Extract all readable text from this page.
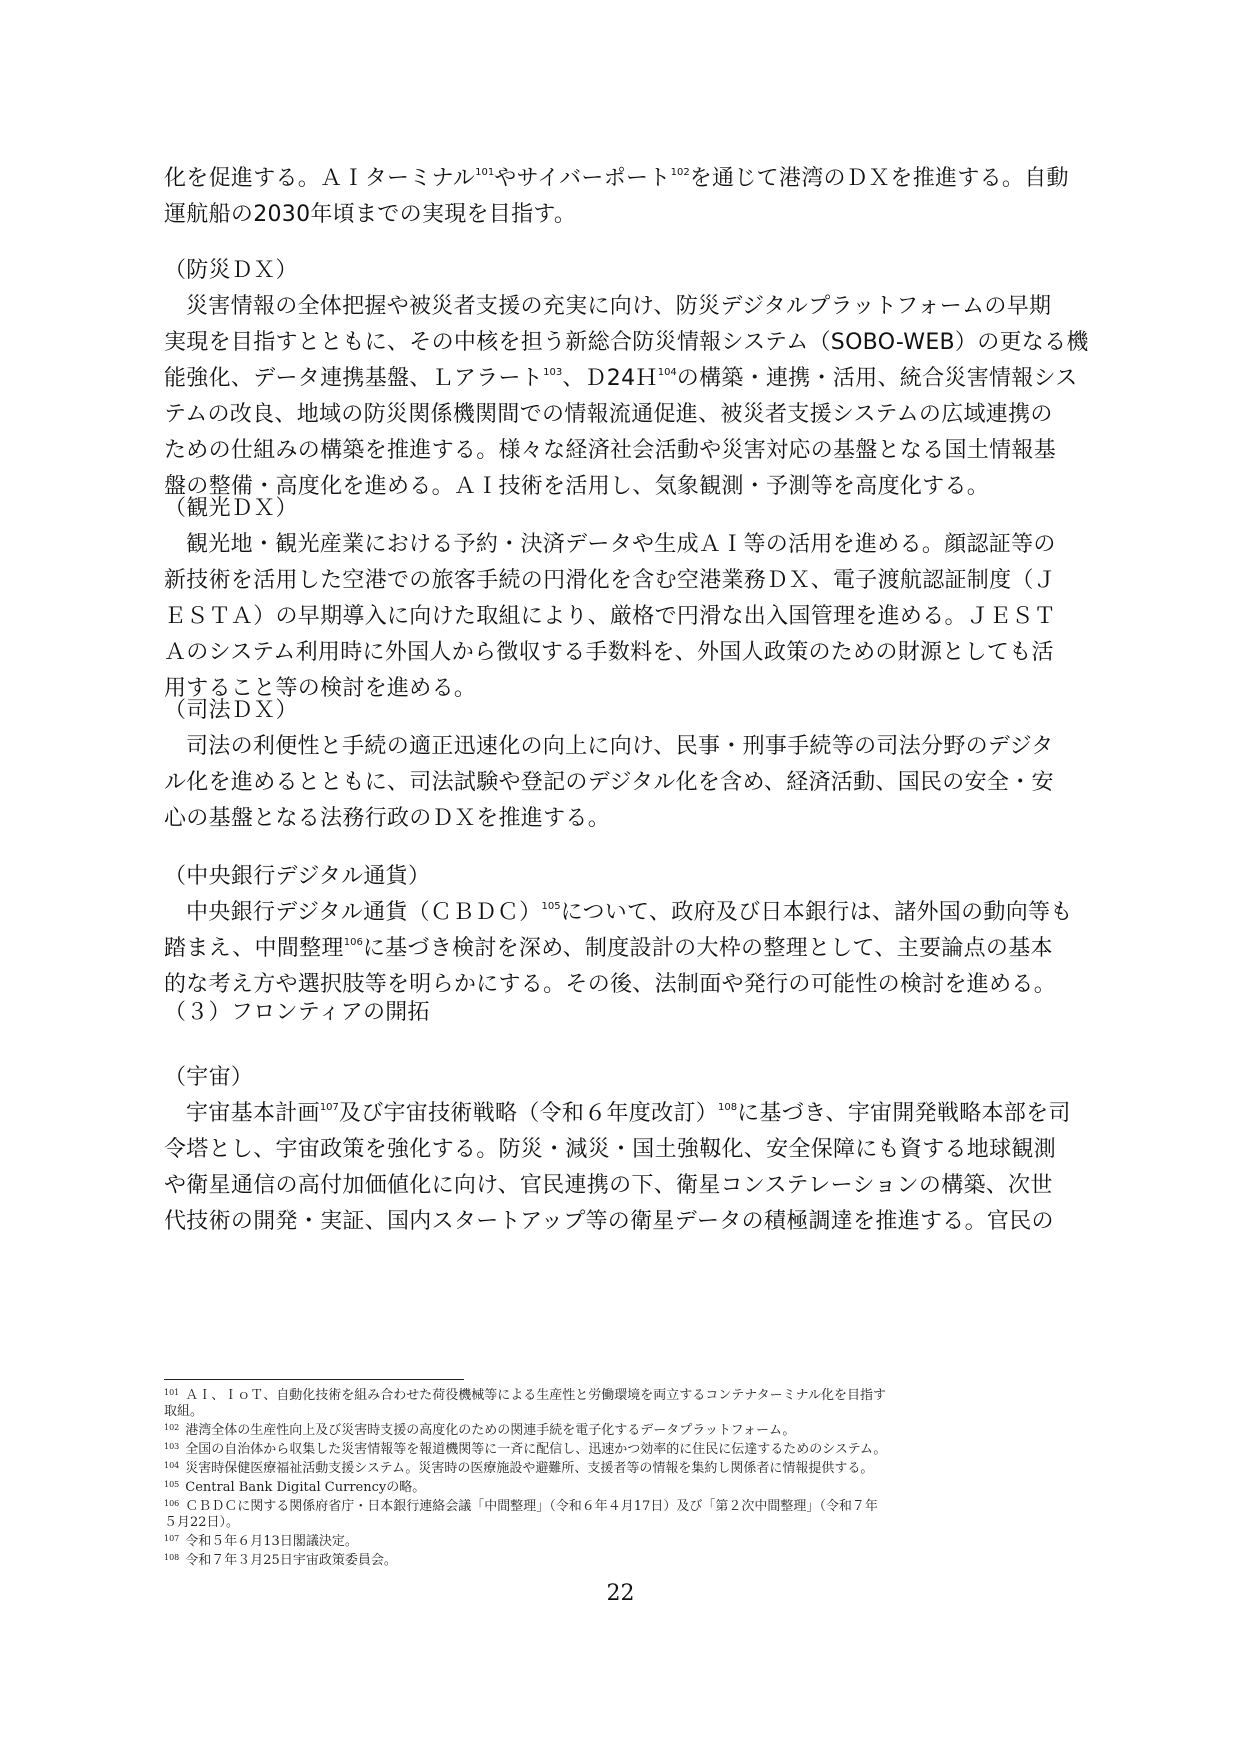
化を促進する。ＡＩターミナル$^{101}$やサイバーポート$^{102}$を通じて港湾のＤＸを推進する。自動
運航船の2030年頃までの実現を目指す。
（防災ＤＸ）
災害情報の全体把握や被災者支援の充実に向け、防災デジタルプラットフォームの早期
実現を目指すとともに、その中核を担う新総合防災情報システム（SOBO-WEB）の更なる機
能強化、データ連携基盤、Ｌアラート$^{103}$、Ｄ24Ｈ$^{104}$の構築・連携・活用、統合災害情報シス
テムの改良、地域の防災関係機関間での情報流通促進、被災者支援システムの広域連携の
ための仕組みの構築を推進する。様々な経済社会活動や災害対応の基盤となる国土情報基
盤の整備・高度化を進める。ＡＩ技術を活用し、気象観測・予測等を高度化する。
（観光ＤＸ）
観光地・観光産業における予約・決済データや生成ＡＩ等の活用を進める。顔認証等の
新技術を活用した空港での旅客手続の円滑化を含む空港業務ＤＸ、電子渡航認証制度（Ｊ
ＥＳＴＡ）の早期導入に向けた取組により、厳格で円滑な出入国管理を進める。ＪＥＳＴ
Ａのシステム利用時に外国人から徴収する手数料を、外国人政策のための財源としても活
用すること等の検討を進める。
（司法ＤＸ）
司法の利便性と手続の適正迅速化の向上に向け、民事・刑事手続等の司法分野のデジタ
ル化を進めるとともに、司法試験や登記のデジタル化を含め、経済活動、国民の安全・安
心の基盤となる法務行政のＤＸを推進する。
（中央銀行デジタル通貨）
中央銀行デジタル通貨（ＣＢＤＣ）$^{105}$について、政府及び日本銀行は、諸外国の動向等も
踏まえ、中間整理$^{106}$に基づき検討を深め、制度設計の大枠の整理として、主要論点の基本
的な考え方や選択肢等を明らかにする。その後、法制面や発行の可能性の検討を進める。
（３）フロンティアの開拓
（宇宙）
宇宙基本計画$^{107}$及び宇宙技術戦略（令和６年度改訂）$^{108}$に基づき、宇宙開発戦略本部を司
令塔とし、宇宙政策を強化する。防災・減災・国土強靱化、安全保障にも資する地球観測
や衛星通信の高付加価値化に向け、官民連携の下、衛星コンステレーションの構築、次世
代技術の開発・実証、国内スタートアップ等の衛星データの積極調達を推進する。官民の
$^{101}$ ＡＩ、ＩｏＴ、自動化技術を組み合わせた荷役機械等による生産性と労働環境を両立するコンテナターミナル化を目指す
取組。
$^{102}$ 港湾全体の生産性向上及び災害時支援の高度化のための関連手続を電子化するデータプラットフォーム。
$^{103}$ 全国の自治体から収集した災害情報等を報道機関等に一斉に配信し、迅速かつ効率的に住民に伝達するためのシステム。
$^{104}$ 災害時保健医療福祉活動支援システム。災害時の医療施設や避難所、支援者等の情報を集約し関係者に情報提供する。
$^{105}$ Central Bank Digital Currencyの略。
$^{106}$ ＣＢＤＣに関する関係府省庁・日本銀行連絡会議「中間整理」（令和６年４月17日）及び「第２次中間整理」（令和７年
５月22日）。
$^{107}$ 令和５年６月13日閣議決定。
$^{108}$ 令和７年３月25日宇宙政策委員会。
22
